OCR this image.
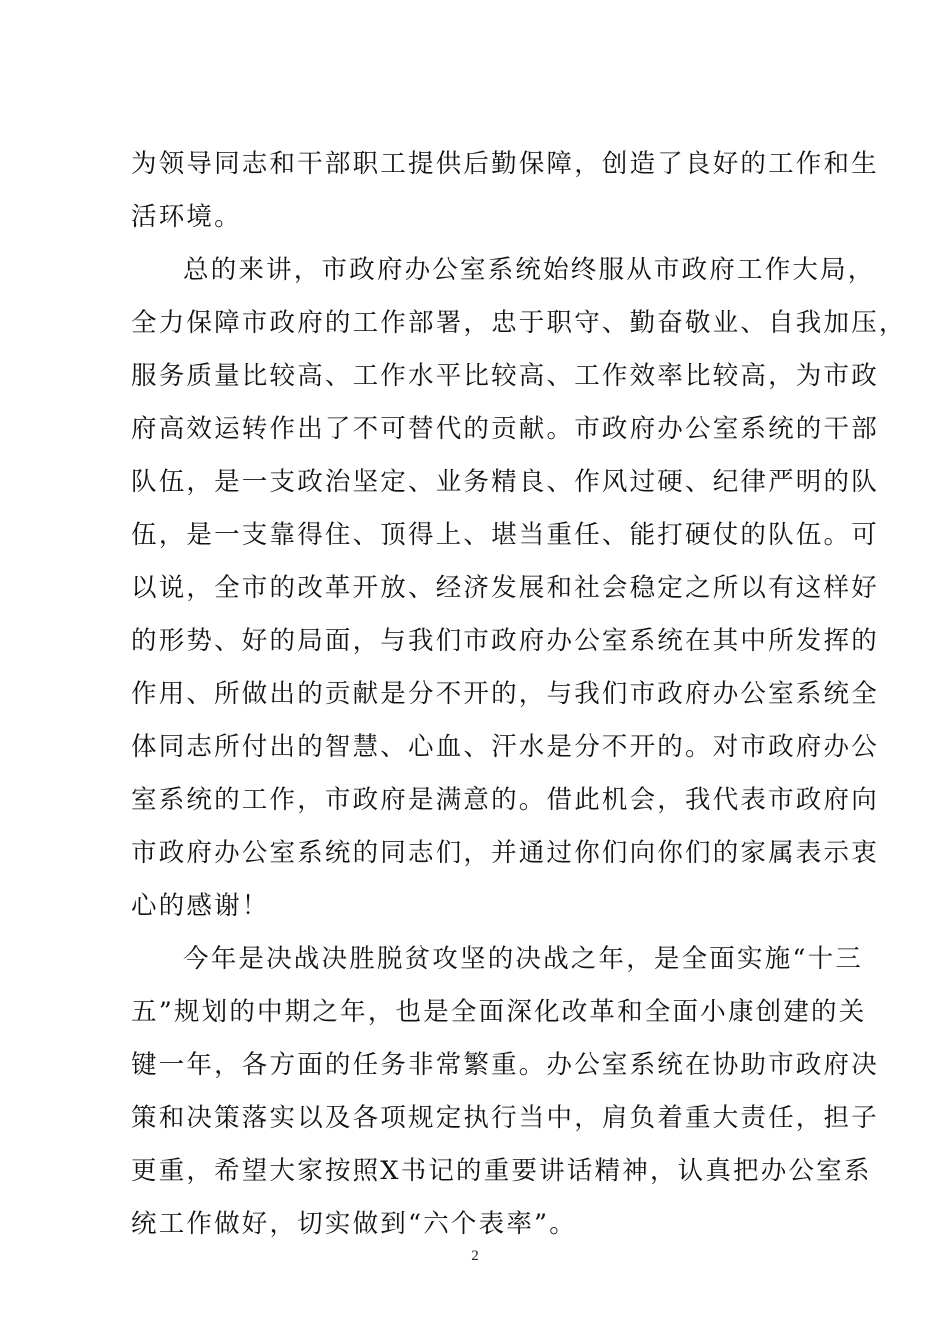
为领导同志和干部职工提供后勤保障，创造了良好的工作和生
活环境。
总的来讲，市政府办公室系统始终服从市政府工作大局，
全力保障市政府的工作部署，忠于职守、勤奋敬业、自我加压，
服务质量比较高、工作水平比较高、工作效率比较高，为市政
府高效运转作出了不可替代的贡献。市政府办公室系统的干部
队伍，是一支政治坚定、业务精良、作风过硬、纪律严明的队
伍，是一支靠得住、顶得上、堪当重任、能打硬仗的队伍。可
以说，全市的改革开放、经济发展和社会稳定之所以有这样好
的形势、好的局面，与我们市政府办公室系统在其中所发挥的
作用、所做出的贡献是分不开的，与我们市政府办公室系统全
体同志所付出的智慧、心血、汗水是分不开的。对市政府办公
室系统的工作，市政府是满意的。借此机会，我代表市政府向
市政府办公室系统的同志们，并通过你们向你们的家属表示衷
心的感谢！
今年是决战决胜脱贫攻坚的决战之年，是全面实施“十三
五”规划的中期之年，也是全面深化改革和全面小康创建的关
键一年，各方面的任务非常繁重。办公室系统在协助市政府决
策和决策落实以及各项规定执行当中，肩负着重大责任，担子
更重，希望大家按照X书记的重要讲话精神，认真把办公室系
统工作做好，切实做到“六个表率”。
2
